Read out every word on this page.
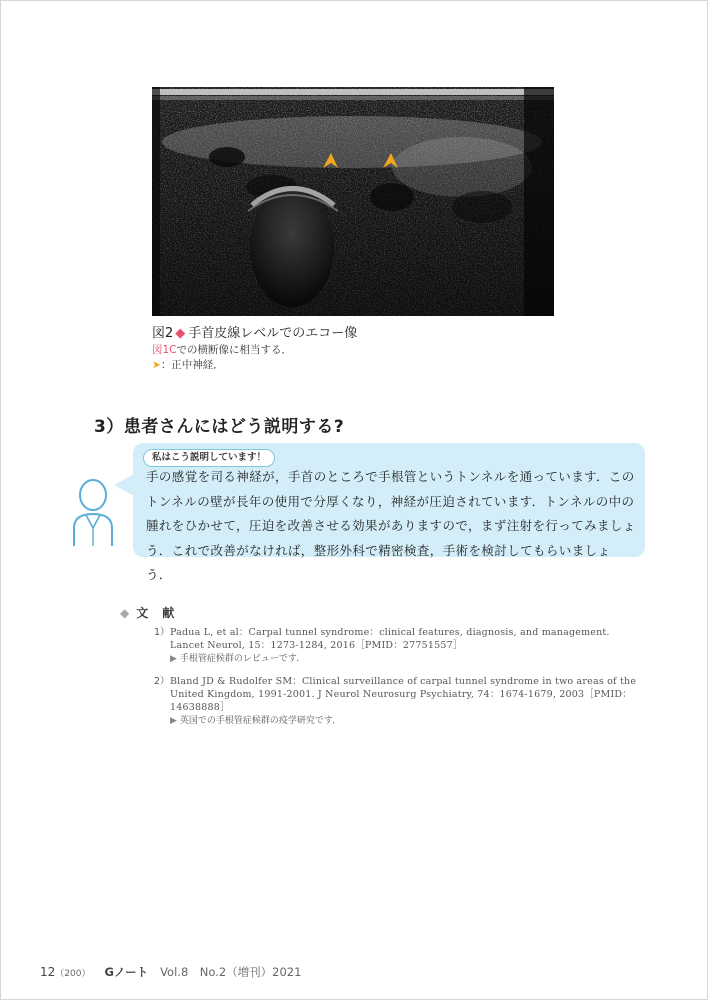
図2 ◆ 手首皮線レベルでのエコー像
図1Cでの横断像に相当する．
➤：正中神経．
3）患者さんにはどう説明する?
私はこう説明しています！
手の感覚を司る神経が，手首のところで手根管というトンネルを通っています．このトンネルの壁が長年の使用で分厚くなり，神経が圧迫されています．トンネルの中の腫れをひかせて，圧迫を改善させる効果がありますので，まず注射を行ってみましょう．これで改善がなければ，整形外科で精密検査，手術を検討してもらいましょう．
◆ 文　献
1） Padua L, et al：Carpal tunnel syndrome：clinical features, diagnosis, and management. Lancet Neurol, 15：1273-1284, 2016［PMID：27751557］
▶ 手根管症候群のレビューです．
2） Bland JD & Rudolfer SM：Clinical surveillance of carpal tunnel syndrome in two areas of the United Kingdom, 1991-2001. J Neurol Neurosurg Psychiatry, 74：1674-1679, 2003［PMID：14638888］
▶ 英国での手根管症候群の疫学研究です．
12（200） Gノート Vol.8　No.2（増刊）2021
